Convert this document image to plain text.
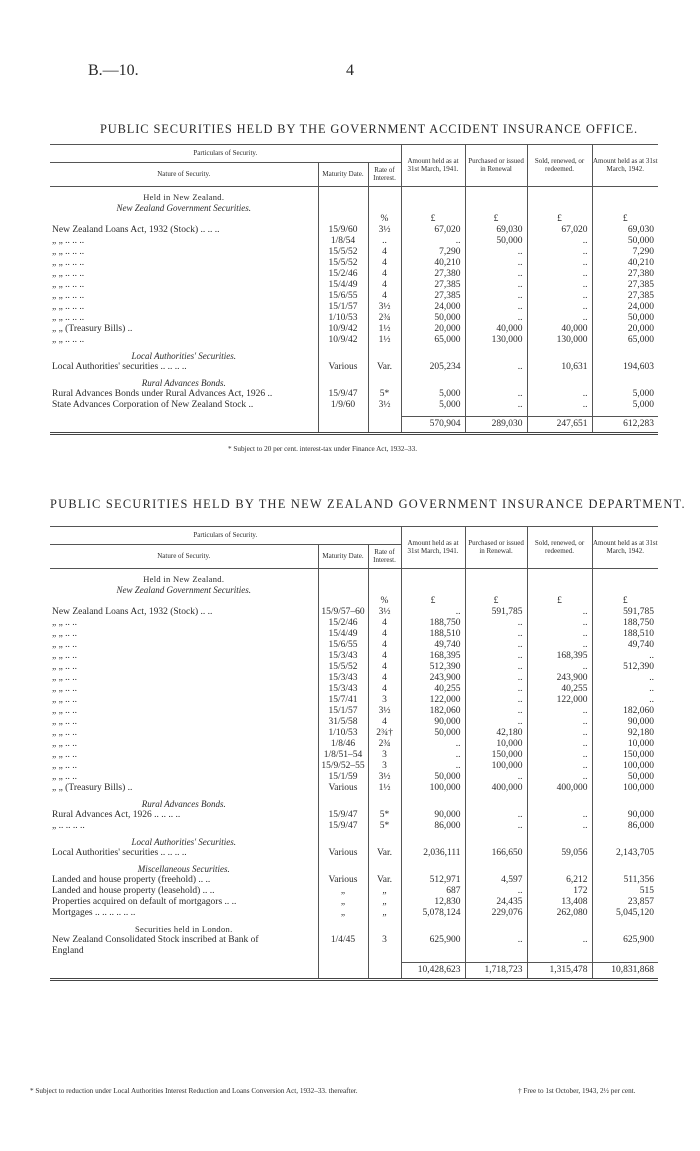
B.—10.	4
PUBLIC SECURITIES HELD BY THE GOVERNMENT ACCIDENT INSURANCE OFFICE.
Particulars of Security.			Amount held as at 31st March, 1941.	Purchased or issued in Renewal	Sold, renewed, or redeemed.	Amount held as at 31st March, 1942.
Nature of Security.	Maturity Date.	Rate of Interest.				

Held in New Zealand.						
New Zealand Government Securities.						
		%	£	£	£	£
New Zealand Loans Act, 1932 (Stock) .. .. ..	15/9/60	3½	67,020	69,030	67,020	69,030
„ „ .. .. ..	1/8/54	..	..	50,000	..	50,000
„ „ .. .. ..	15/5/52	4	7,290	..	..	7,290
„ „ .. .. ..	15/5/52	4	40,210	..	..	40,210
„ „ .. .. ..	15/2/46	4	27,380	..	..	27,380
„ „ .. .. ..	15/4/49	4	27,385	..	..	27,385
„ „ .. .. ..	15/6/55	4	27,385	..	..	27,385
„ „ .. .. ..	15/1/57	3½	24,000	..	..	24,000
„ „ .. .. ..	1/10/53	2¾	50,000	..	..	50,000
„ „ (Treasury Bills) ..	10/9/42	1½	20,000	40,000	40,000	20,000
„ „ .. .. ..	10/9/42	1½	65,000	130,000	130,000	65,000

Local Authorities' Securities.						
Local Authorities' securities .. .. .. ..	Various	Var.	205,234	..	10,631	194,603

Rural Advances Bonds.						
Rural Advances Bonds under Rural Advances Act, 1926 ..	15/9/47	5*	5,000	..	..	5,000
State Advances Corporation of New Zealand Stock ..	1/9/60	3½	5,000	..	..	5,000

			570,904	289,030	247,651	612,283

* Subject to 20 per cent. interest-tax under Finance Act, 1932–33.
PUBLIC SECURITIES HELD BY THE NEW ZEALAND GOVERNMENT INSURANCE DEPARTMENT.
Particulars of Security.			Amount held as at 31st March, 1941.	Purchased or issued in Renewal.	Sold, renewed, or redeemed.	Amount held as at 31st March, 1942.
Nature of Security.	Maturity Date.	Rate of Interest.				

Held in New Zealand.						
New Zealand Government Securities.						
		%	£	£	£	£
New Zealand Loans Act, 1932 (Stock) .. ..	15/9/57–60	3½	..	591,785	..	591,785
„ „ .. ..	15/2/46	4	188,750	..	..	188,750
„ „ .. ..	15/4/49	4	188,510	..	..	188,510
„ „ .. ..	15/6/55	4	49,740	..	..	49,740
„ „ .. ..	15/3/43	4	168,395	..	168,395	..
„ „ .. ..	15/5/52	4	512,390	..	..	512,390
„ „ .. ..	15/3/43	4	243,900	..	243,900	..
„ „ .. ..	15/3/43	4	40,255	..	40,255	..
„ „ .. ..	15/7/41	3	122,000	..	122,000	..
„ „ .. ..	15/1/57	3½	182,060	..	..	182,060
„ „ .. ..	31/5/58	4	90,000	..	..	90,000
„ „ .. ..	1/10/53	2¾†	50,000	42,180	..	92,180
„ „ .. ..	1/8/46	2¾	..	10,000	..	10,000
„ „ .. ..	1/8/51–54	3	..	150,000	..	150,000
„ „ .. ..	15/9/52–55	3	..	100,000	..	100,000
„ „ .. ..	15/1/59	3½	50,000	..	..	50,000
„ „ (Treasury Bills) ..	Various	1½	100,000	400,000	400,000	100,000

Rural Advances Bonds.						
Rural Advances Act, 1926 .. .. .. ..	15/9/47	5*	90,000	..	..	90,000
„ .. .. .. ..	15/9/47	5*	86,000	..	..	86,000

Local Authorities' Securities.						
Local Authorities' securities .. .. .. ..	Various	Var.	2,036,111	166,650	59,056	2,143,705

Miscellaneous Securities.						
Landed and house property (freehold) .. ..	Various	Var.	512,971	4,597	6,212	511,356
Landed and house property (leasehold) .. ..	„	„	687	..	172	515
Properties acquired on default of mortgagors .. ..	„	„	12,830	24,435	13,408	23,857
Mortgages .. .. .. .. .. ..	„	„	5,078,124	229,076	262,080	5,045,120

Securities held in London.						
New Zealand Consolidated Stock inscribed at Bank of	1/4/45	3	625,900	..	..	625,900
England						

			10,428,623	1,718,723	1,315,478	10,831,868

* Subject to reduction under Local Authorities Interest Reduction and Loans Conversion Act, 1932–33. thereafter.	† Free to 1st October, 1943, 2½ per cent.
